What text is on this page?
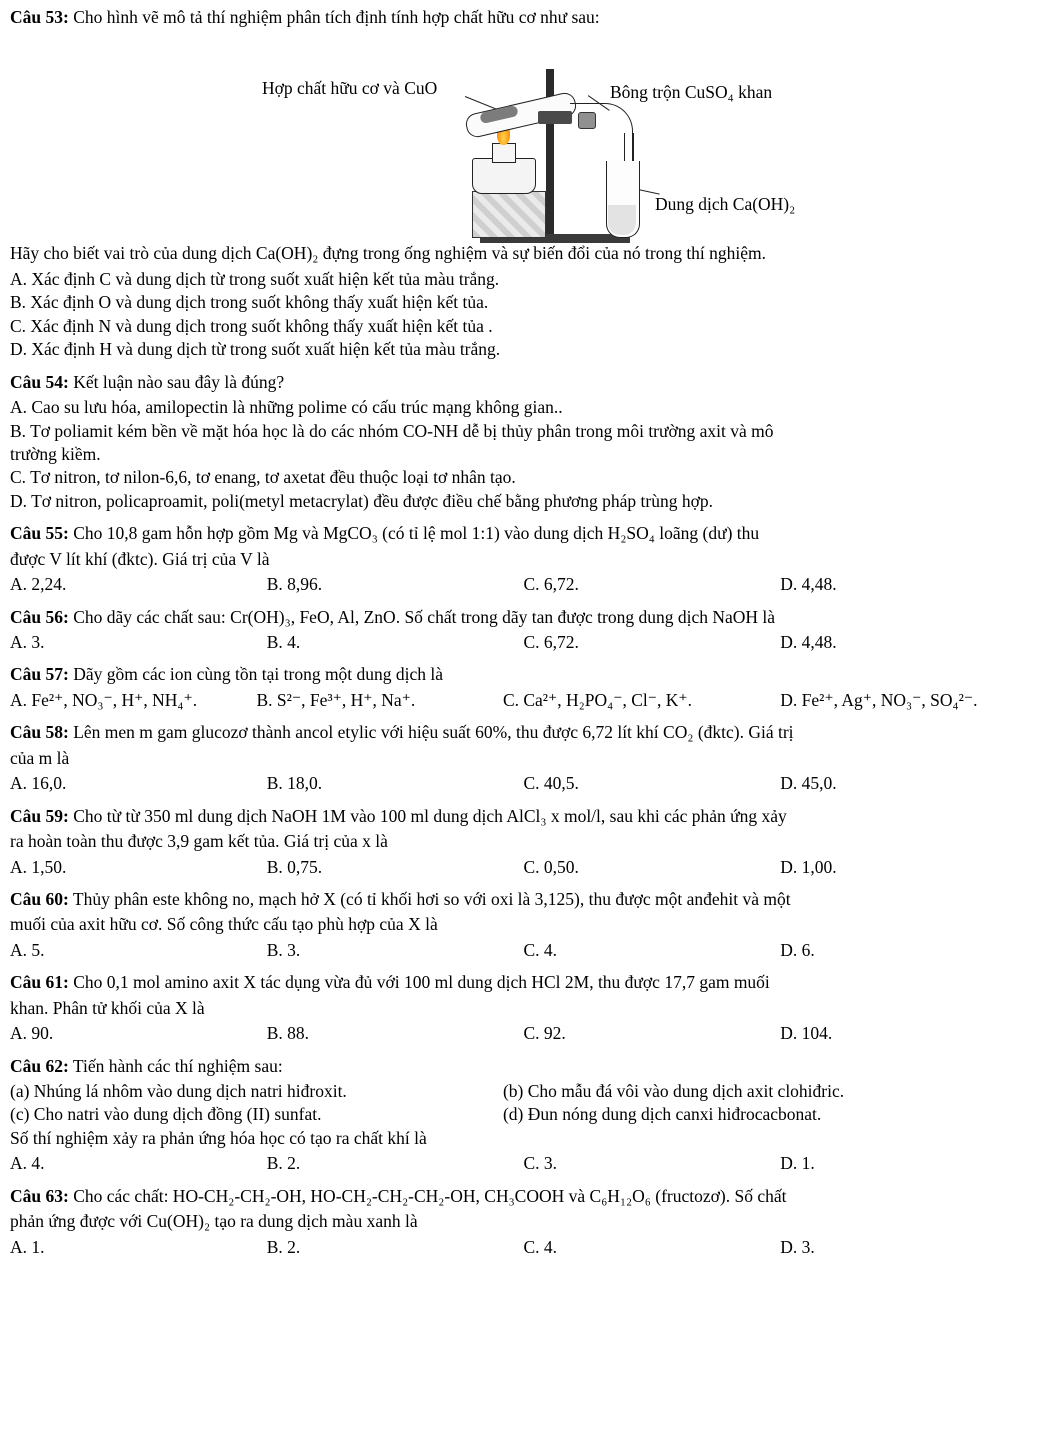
Câu 53: Cho hình vẽ mô tả thí nghiệm phân tích định tính hợp chất hữu cơ như sau:
Hợp chất hữu cơ và CuO	Bông trộn CuSO₄ khan
Dung dịch Ca(OH)₂
Hãy cho biết vai trò của dung dịch Ca(OH)₂ đựng trong ống nghiệm và sự biến đổi của nó trong thí nghiệm.
A. Xác định C và dung dịch từ trong suốt xuất hiện kết tủa màu trắng.
B. Xác định O và dung dịch trong suốt không thấy xuất hiện kết tủa.
C. Xác định N và dung dịch trong suốt không thấy xuất hiện kết tủa .
D. Xác định H và dung dịch từ trong suốt xuất hiện kết tủa màu trắng.
Câu 54: Kết luận nào sau đây là đúng?
A. Cao su lưu hóa, amilopectin là những polime có cấu trúc mạng không gian..
B. Tơ poliamit kém bền về mặt hóa học là do các nhóm CO-NH dễ bị thủy phân trong môi trường axit và mô
trường kiềm.
C. Tơ nitron, tơ nilon-6,6, tơ enang, tơ axetat đều thuộc loại tơ nhân tạo.
D. Tơ nitron, policaproamit, poli(metyl metacrylat) đều được điều chế bằng phương pháp trùng hợp.
Câu 55: Cho 10,8 gam hỗn hợp gồm Mg và MgCO₃ (có tỉ lệ mol 1:1) vào dung dịch H₂SO₄ loãng (dư) thu
được V lít khí (đktc). Giá trị của V là
A. 2,24.	B. 8,96.	C. 6,72.	D. 4,48.
Câu 56: Cho dãy các chất sau: Cr(OH)₃, FeO, Al, ZnO. Số chất trong dãy tan được trong dung dịch NaOH là
A. 3.	B. 4.	C. 6,72.	D. 4,48.
Câu 57: Dãy gồm các ion cùng tồn tại trong một dung dịch là
A. Fe²⁺, NO₃⁻, H⁺, NH₄⁺.	B. S²⁻, Fe³⁺, H⁺, Na⁺.	C. Ca²⁺, H₂PO₄⁻, Cl⁻, K⁺.	D. Fe²⁺, Ag⁺, NO₃⁻, SO₄²⁻.
Câu 58: Lên men m gam glucozơ thành ancol etylic với hiệu suất 60%, thu được 6,72 lít khí CO₂ (đktc). Giá trị
của m là
A. 16,0.	B. 18,0.	C. 40,5.	D. 45,0.
Câu 59: Cho từ từ 350 ml dung dịch NaOH 1M vào 100 ml dung dịch AlCl₃ x mol/l, sau khi các phản ứng xảy
ra hoàn toàn thu được 3,9 gam kết tủa. Giá trị của x là
A. 1,50.	B. 0,75.	C. 0,50.	D. 1,00.
Câu 60: Thủy phân este không no, mạch hở X (có tỉ khối hơi so với oxi là 3,125), thu được một anđehit và một
muối của axit hữu cơ. Số công thức cấu tạo phù hợp của X là
A. 5.	B. 3.	C. 4.	D. 6.
Câu 61: Cho 0,1 mol amino axit X tác dụng vừa đủ với 100 ml dung dịch HCl 2M, thu được 17,7 gam muối
khan. Phân tử khối của X là
A. 90.	B. 88.	C. 92.	D. 104.
Câu 62: Tiến hành các thí nghiệm sau:
(a) Nhúng lá nhôm vào dung dịch natri hiđroxit.	(b) Cho mẫu đá vôi vào dung dịch axit clohiđric.
(c) Cho natri vào dung dịch đồng (II) sunfat.	(d) Đun nóng dung dịch canxi hiđrocacbonat.
Số thí nghiệm xảy ra phản ứng hóa học có tạo ra chất khí là
A. 4.	B. 2.	C. 3.	D. 1.
Câu 63: Cho các chất: HO-CH₂-CH₂-OH, HO-CH₂-CH₂-CH₂-OH, CH₃COOH và C₆H₁₂O₆ (fructozơ). Số chất
phản ứng được với Cu(OH)₂ tạo ra dung dịch màu xanh là
A. 1.	B. 2.	C. 4.	D. 3.
